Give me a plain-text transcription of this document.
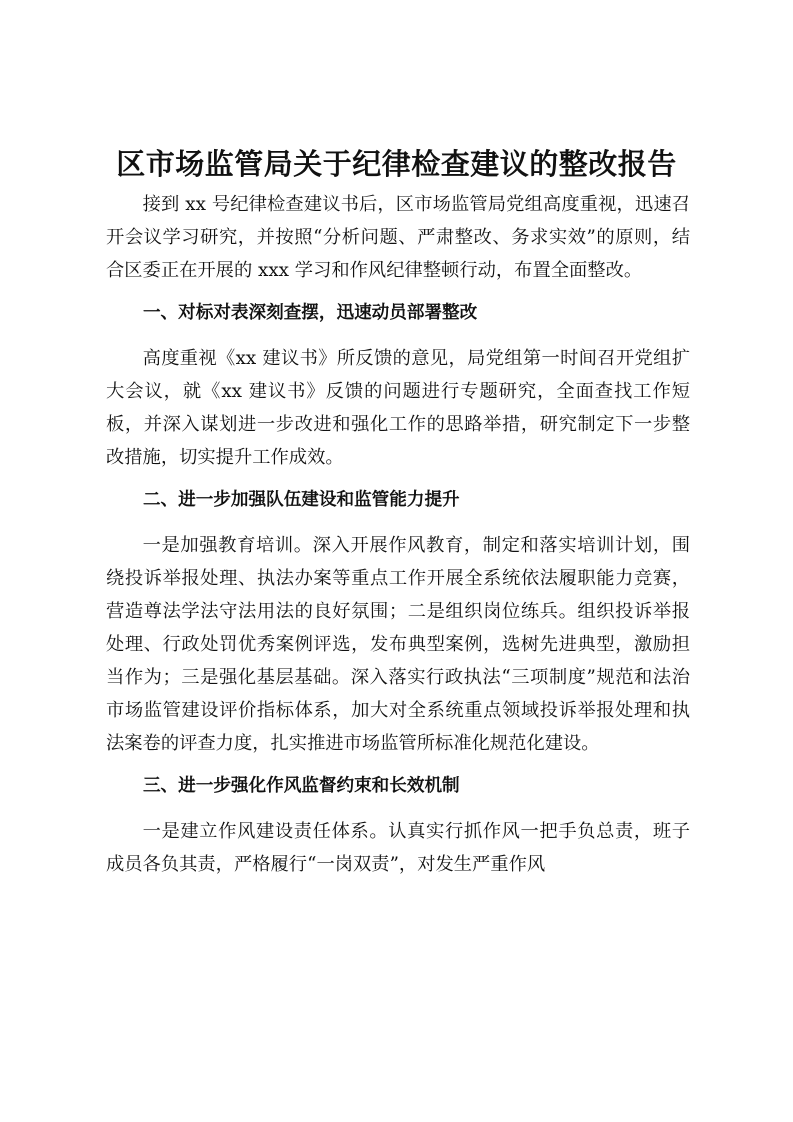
区市场监管局关于纪律检查建议的整改报告

接到 xx 号纪律检查建议书后，区市场监管局党组高度重视，迅速召开会议学习研究，并按照“分析问题、严肃整改、务求实效”的原则，结合区委正在开展的 xxx 学习和作风纪律整顿行动，布置全面整改。

一、对标对表深刻查摆，迅速动员部署整改

高度重视《xx 建议书》所反馈的意见，局党组第一时间召开党组扩大会议，就《xx 建议书》反馈的问题进行专题研究，全面查找工作短板，并深入谋划进一步改进和强化工作的思路举措，研究制定下一步整改措施，切实提升工作成效。

二、进一步加强队伍建设和监管能力提升

一是加强教育培训。深入开展作风教育，制定和落实培训计划，围绕投诉举报处理、执法办案等重点工作开展全系统依法履职能力竞赛，营造尊法学法守法用法的良好氛围；二是组织岗位练兵。组织投诉举报处理、行政处罚优秀案例评选，发布典型案例，选树先进典型，激励担当作为；三是强化基层基础。深入落实行政执法“三项制度”规范和法治市场监管建设评价指标体系，加大对全系统重点领域投诉举报处理和执法案卷的评查力度，扎实推进市场监管所标准化规范化建设。

三、进一步强化作风监督约束和长效机制

一是建立作风建设责任体系。认真实行抓作风一把手负总责，班子成员各负其责，严格履行“一岗双责”，对发生严重作风
